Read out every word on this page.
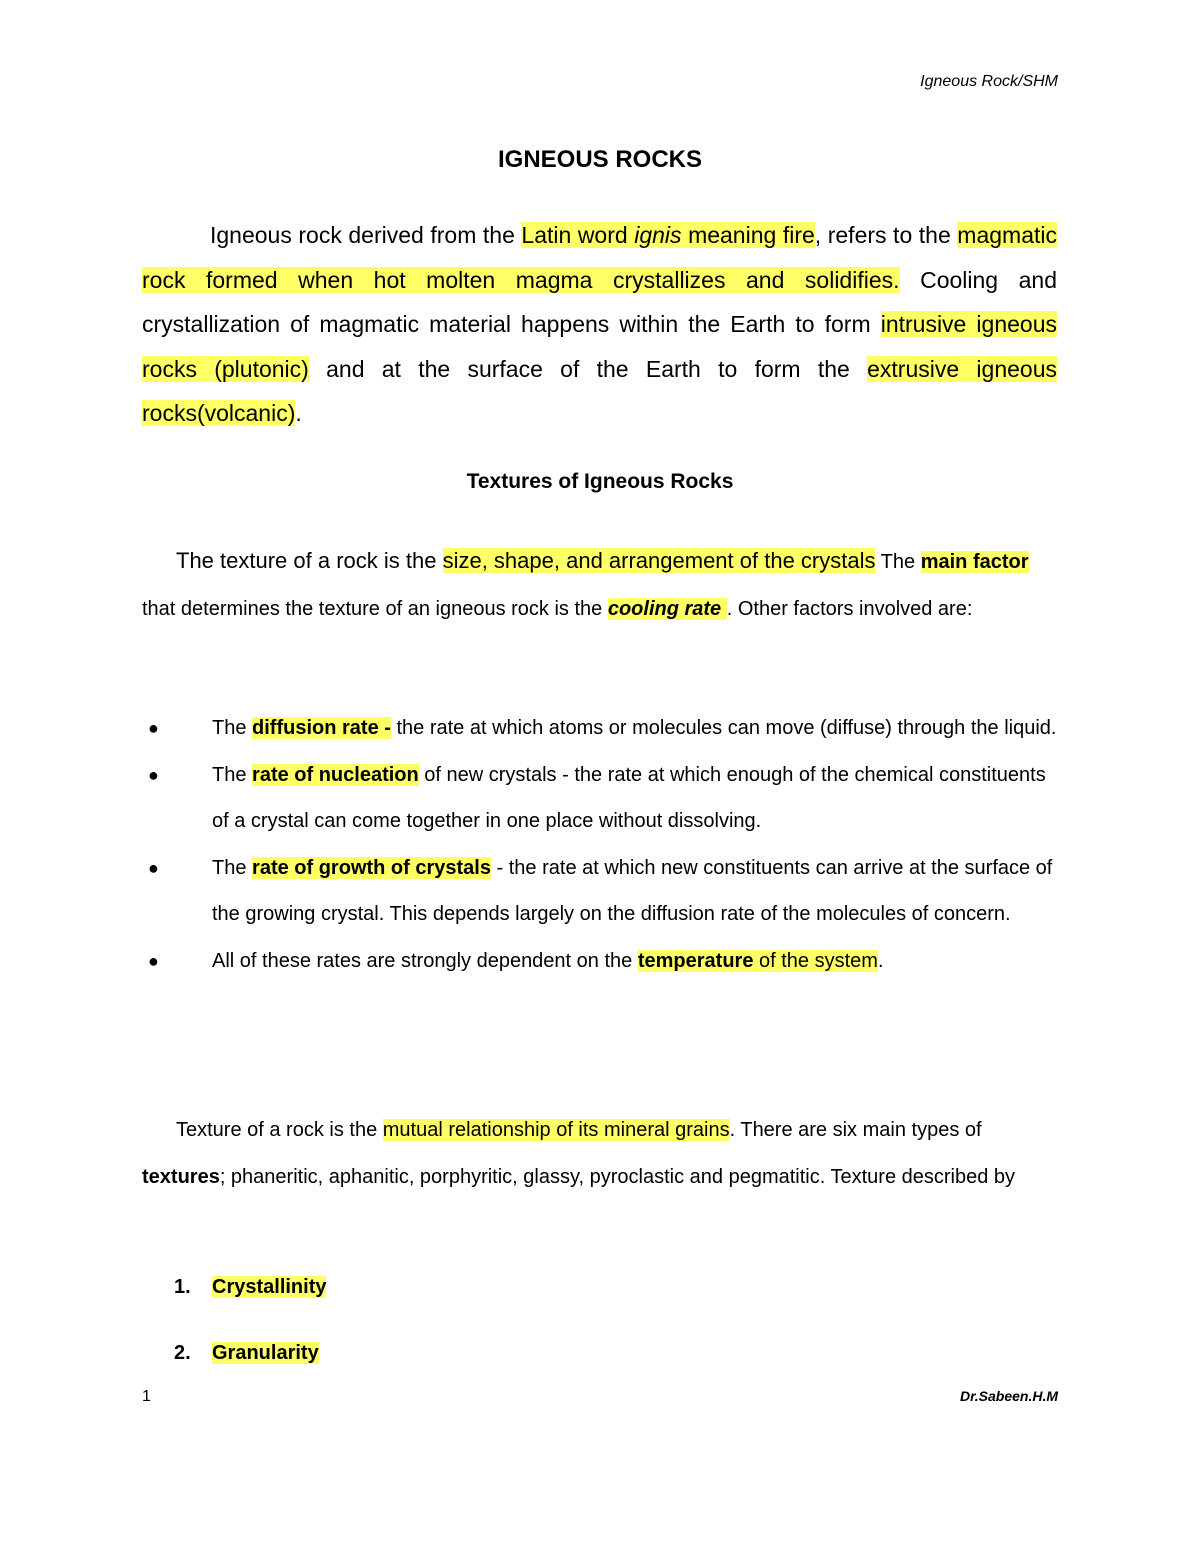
Igneous Rock/SHM
IGNEOUS ROCKS

Igneous rock derived from the Latin word ignis meaning fire, refers to the magmatic rock formed when hot molten magma crystallizes and solidifies. Cooling and crystallization of magmatic material happens within the Earth to form intrusive igneous rocks (plutonic) and at the surface of the Earth to form the extrusive igneous rocks(volcanic).

Textures of Igneous Rocks

The texture of a rock is the size, shape, and arrangement of the crystals The main factor that determines the texture of an igneous rock is the cooling rate . Other factors involved are:

●	The diffusion rate - the rate at which atoms or molecules can move (diffuse) through the liquid.
●	The rate of nucleation of new crystals - the rate at which enough of the chemical constituents of a crystal can come together in one place without dissolving.
●	The rate of growth of crystals - the rate at which new constituents can arrive at the surface of the growing crystal. This depends largely on the diffusion rate of the molecules of concern.
●	All of these rates are strongly dependent on the temperature of the system.

Texture of a rock is the mutual relationship of its mineral grains. There are six main types of textures; phaneritic, aphanitic, porphyritic, glassy, pyroclastic and pegmatitic. Texture described by

1. Crystallinity
2. Granularity
1	Dr.Sabeen.H.M
